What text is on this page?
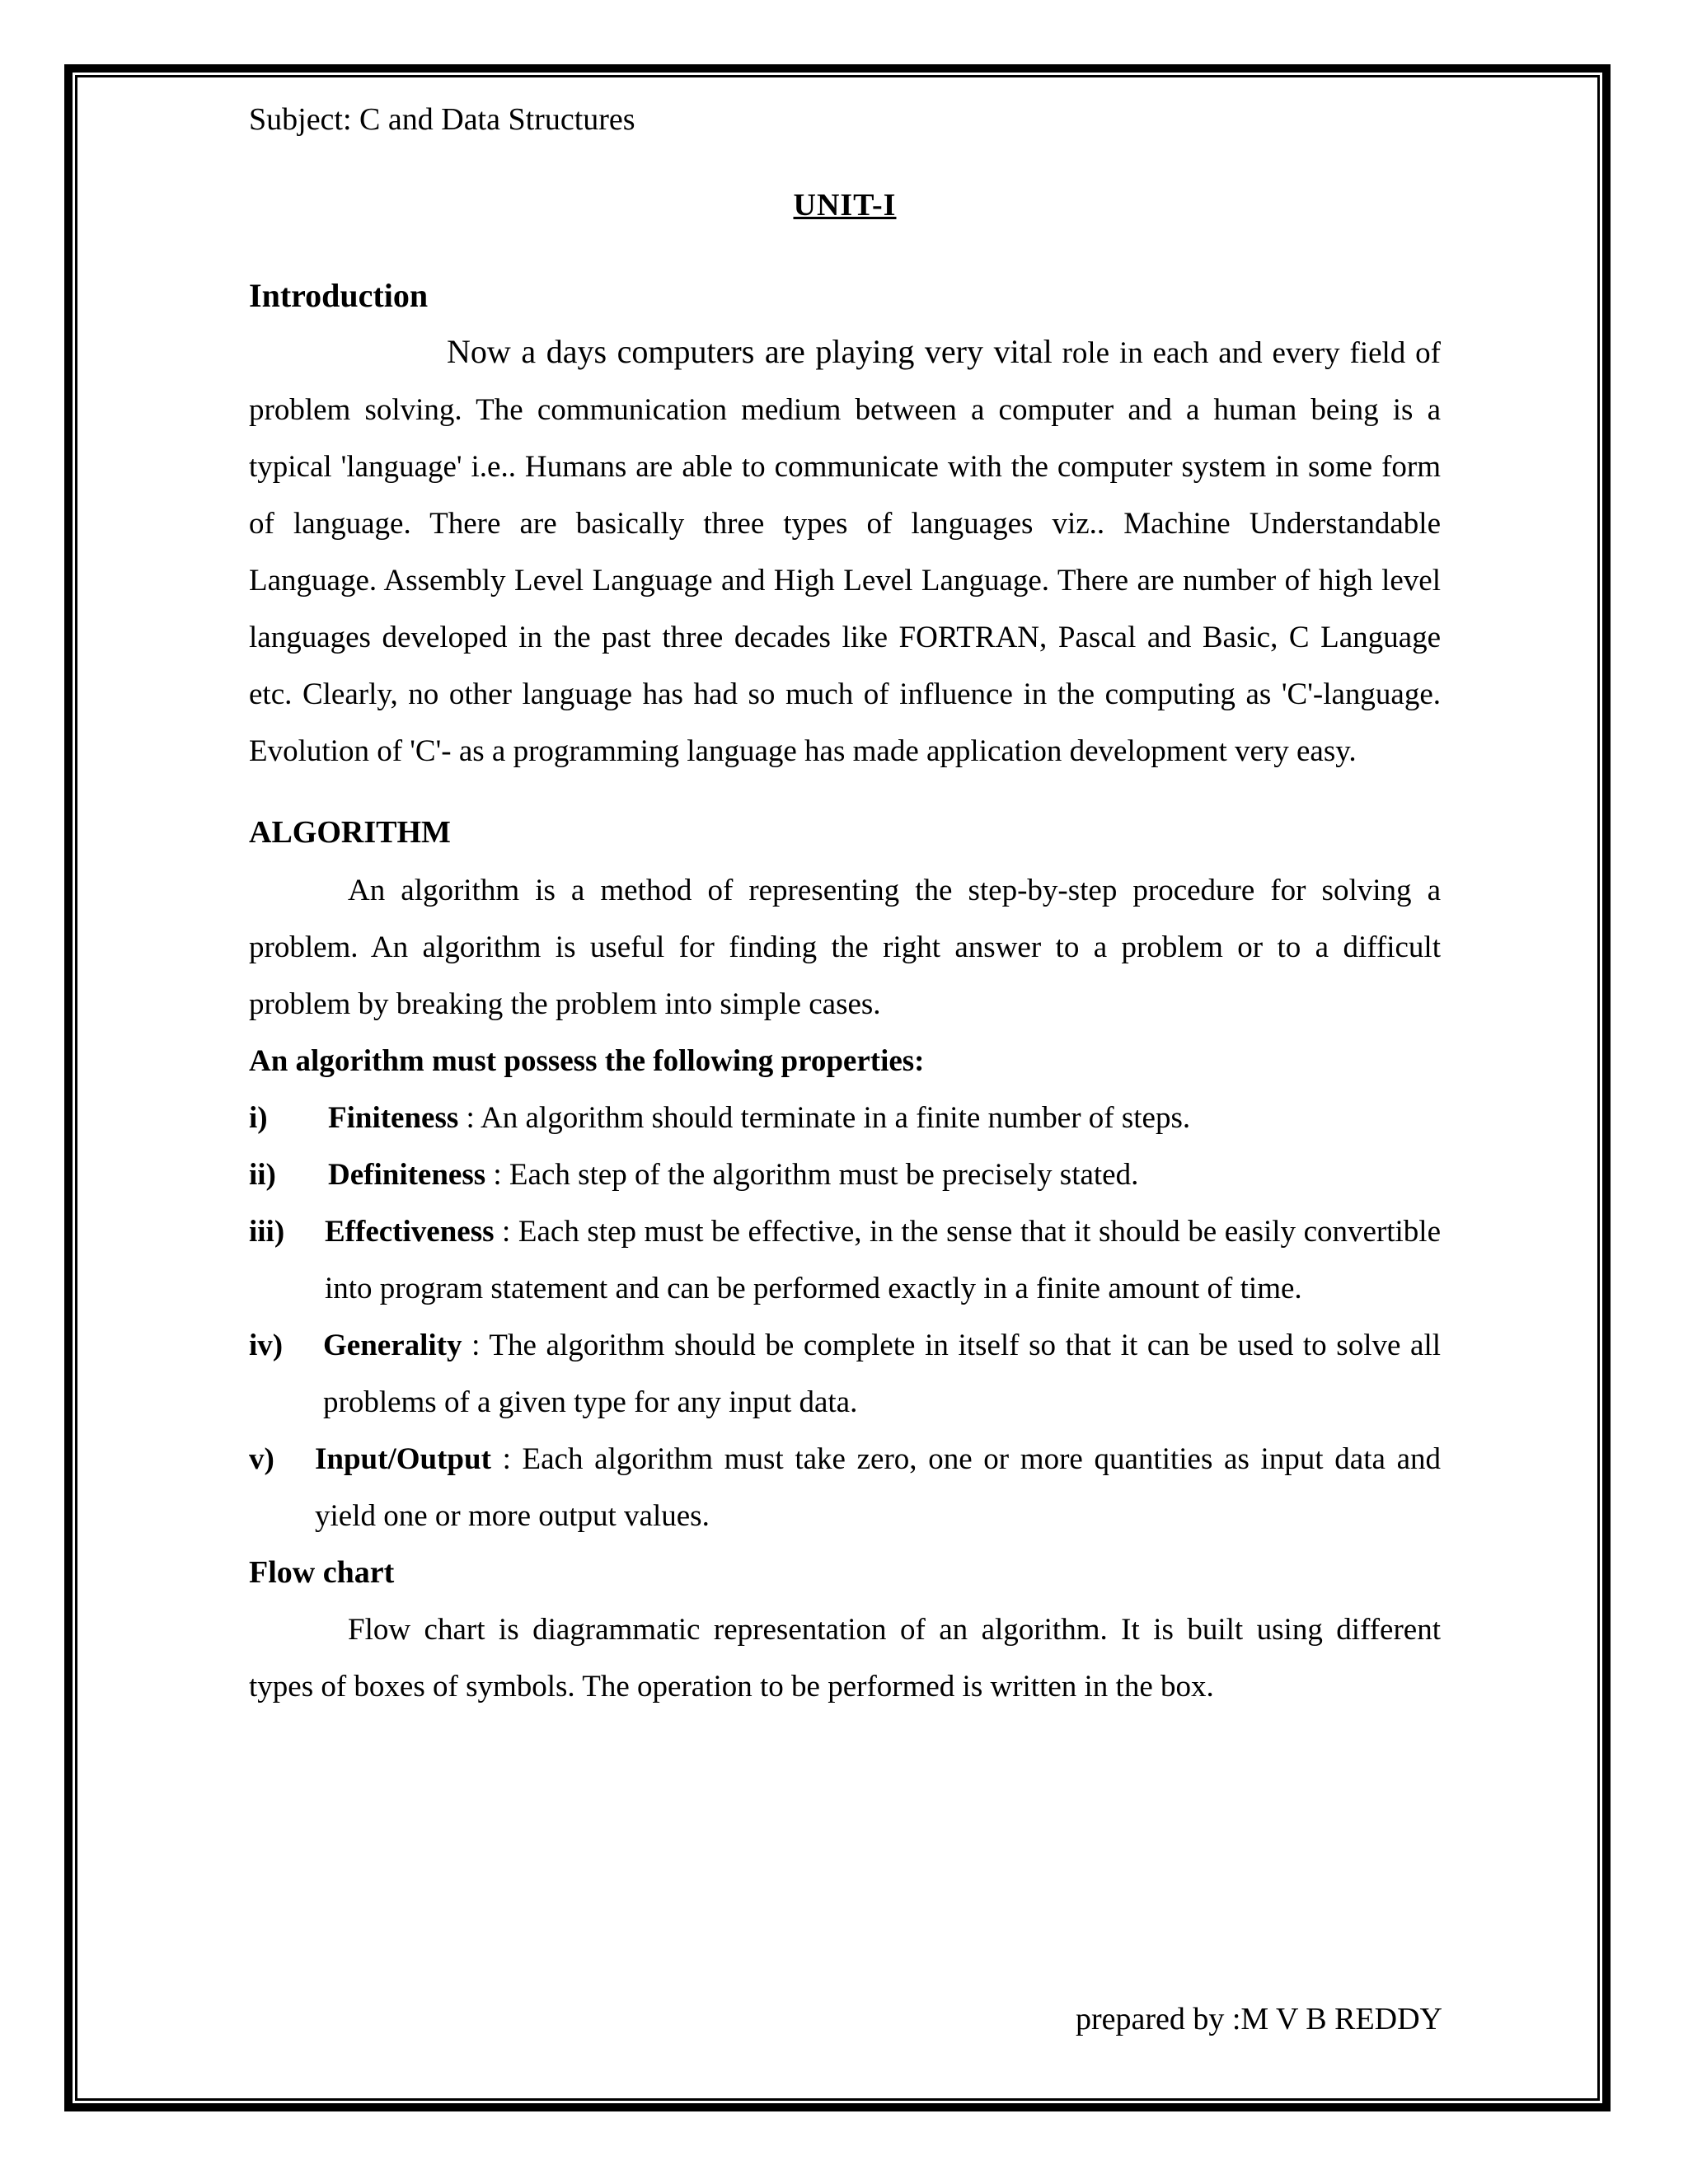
Subject: C and Data Structures
UNIT-I
Introduction

Now a days computers are playing very vital role in each and every field of problem solving. The communication medium between a computer and a human being is a typical 'language' i.e.. Humans are able to communicate with the computer system in some form of language. There are basically three types of languages viz.. Machine Understandable Language. Assembly Level Language and High Level Language. There are number of high level languages developed in the past three decades like FORTRAN, Pascal and Basic, C Language etc. Clearly, no other language has had so much of influence in the computing as 'C'-language. Evolution of 'C'- as a programming language has made application development very easy.

ALGORITHM

An algorithm is a method of representing the step-by-step procedure for solving a problem. An algorithm is useful for finding the right answer to a problem or to a difficult problem by breaking the problem into simple cases.

An algorithm must possess the following properties:
i)	Finiteness : An algorithm should terminate in a finite number of steps.
ii)	Definiteness : Each step of the algorithm must be precisely stated.
iii)	Effectiveness : Each step must be effective, in the sense that it should be easily convertible into program statement and can be performed exactly in a finite amount of time.
iv)	Generality : The algorithm should be complete in itself so that it can be used to solve all problems of a given type for any input data.
v)	Input/Output : Each algorithm must take zero, one or more quantities as input data and yield one or more output values.
Flow chart

Flow chart is diagrammatic representation of an algorithm. It is built using different types of boxes of symbols. The operation to be performed is written in the box.

prepared by :M V B REDDY
